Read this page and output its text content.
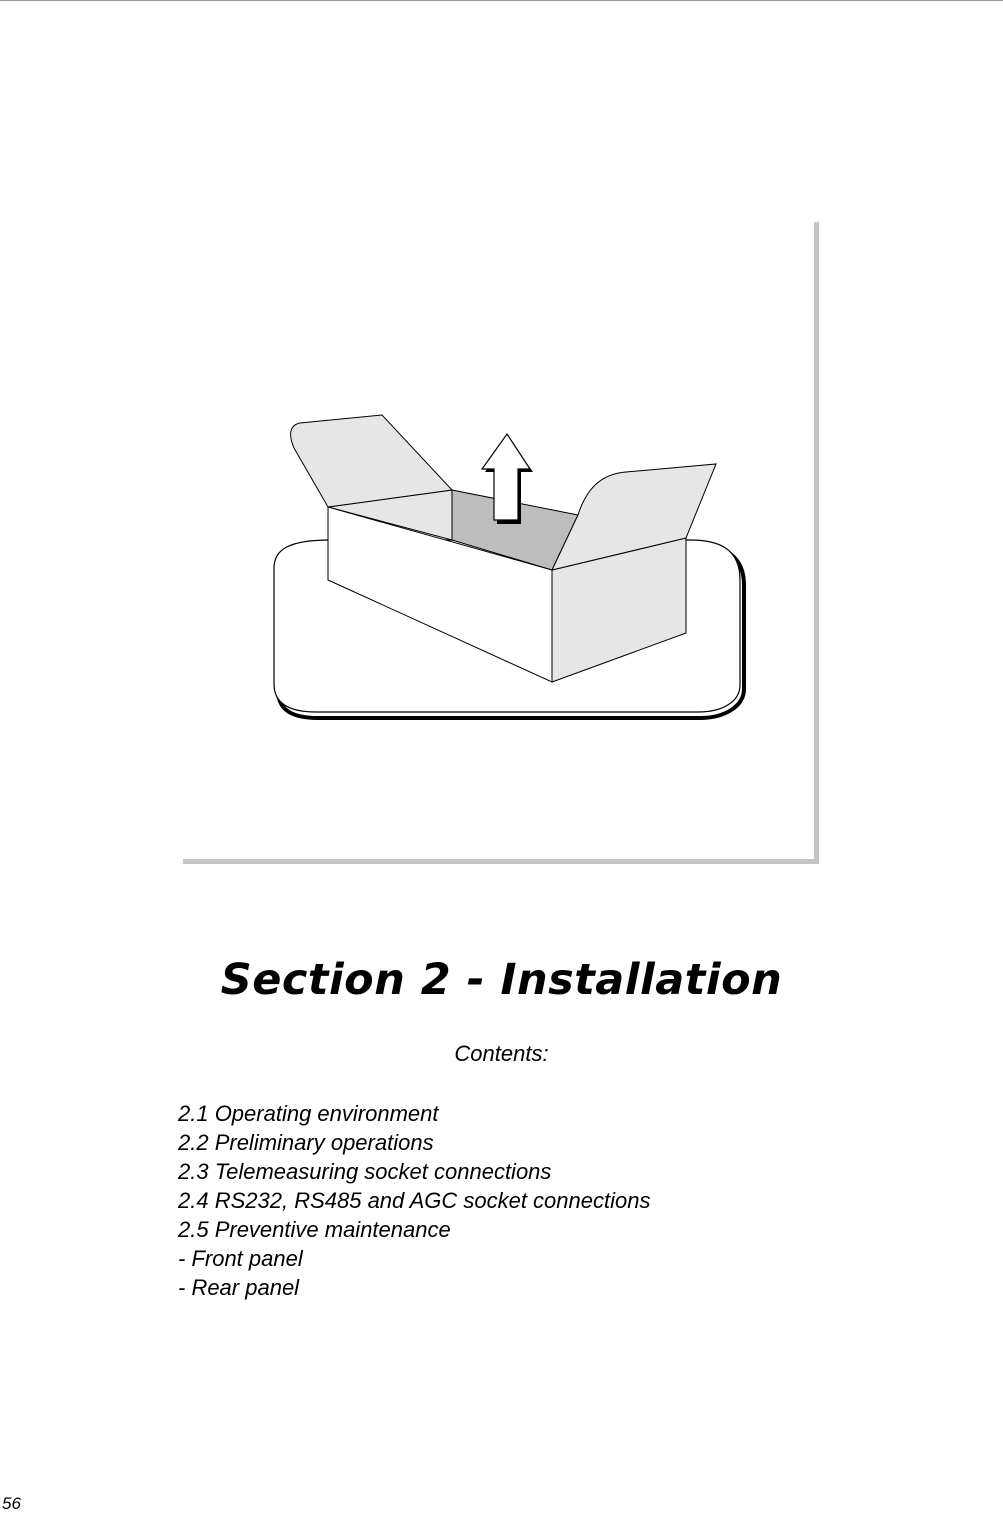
Section 2 - Installation
Contents:
2.1 Operating environment
2.2 Preliminary operations
2.3 Telemeasuring socket connections
2.4 RS232, RS485 and AGC socket connections
2.5 Preventive maintenance
- Front panel
- Rear panel
56
